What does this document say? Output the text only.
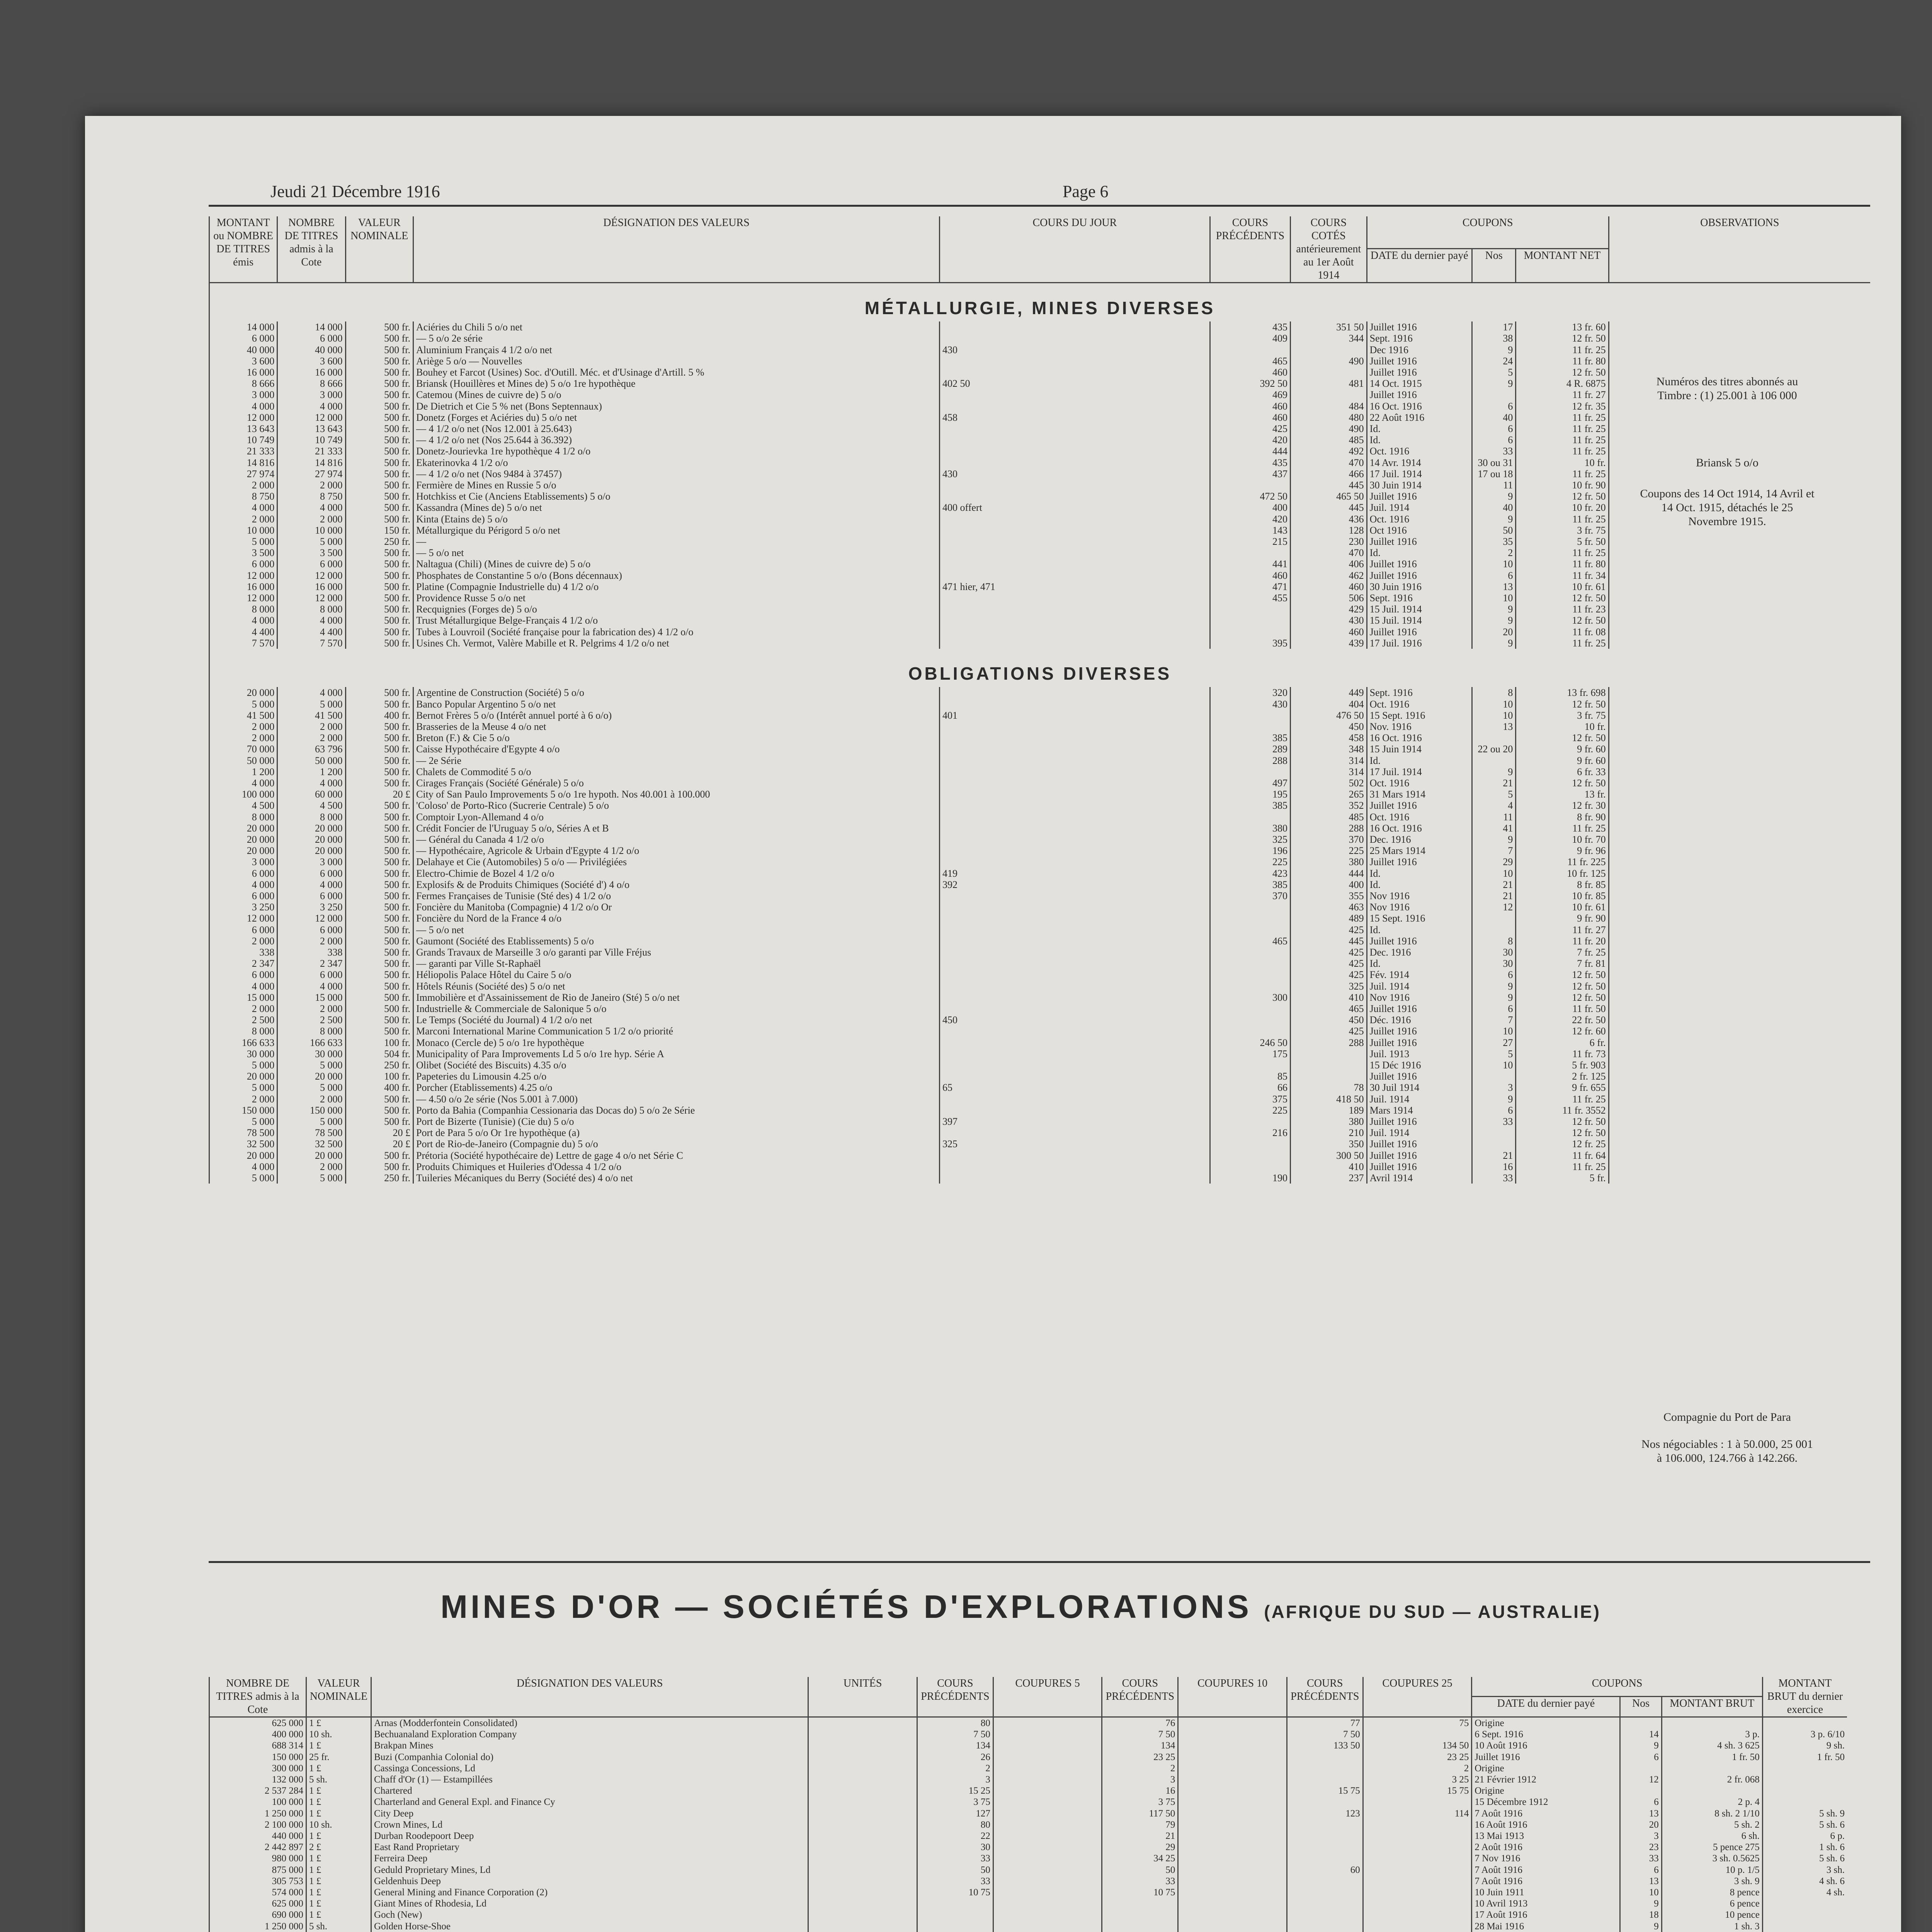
Jeudi 21 Décembre 1916	Page 6
MONTANT ou NOMBRE DE TITRES émis	NOMBRE DE TITRES admis à la Cote	VALEUR NOMINALE	DÉSIGNATION DES VALEURS	COURS DU JOUR	COURS PRÉCÉDENTS	COURS COTÉS antérieurement au 1er Août 1914	COUPONS			OBSERVATIONS
							DATE du dernier payé	Nos	MONTANT NET	
MÉTALLURGIE, MINES DIVERSES										
14 000	14 000	500 fr.	Aciéries du Chili 5 o/o net		435	351 50	Juillet 1916	17	13 fr. 60	
6 000	6 000	500 fr.	— 5 o/o 2e série		409	344	Sept. 1916	38	12 fr. 50	
40 000	40 000	500 fr.	Aluminium Français 4 1/2 o/o net	430			Dec 1916	9	11 fr. 25	
3 600	3 600	500 fr.	Ariège 5 o/o — Nouvelles		465	490	Juillet 1916	24	11 fr. 80	
16 000	16 000	500 fr.	Bouhey et Farcot (Usines) Soc. d'Outill. Méc. et d'Usinage d'Artill. 5 %		460		Juillet 1916	5	12 fr. 50	
8 666	8 666	500 fr.	Briansk (Houillères et Mines de) 5 o/o 1re hypothèque	402 50	392 50	481	14 Oct. 1915	9	4 R. 6875	
3 000	3 000	500 fr.	Catemou (Mines de cuivre de) 5 o/o		469		Juillet 1916		11 fr. 27	
4 000	4 000	500 fr.	De Dietrich et Cie 5 % net (Bons Septennaux)		460	484	16 Oct. 1916	6	12 fr. 35	
12 000	12 000	500 fr.	Donetz (Forges et Aciéries du) 5 o/o net	458	460	480	22 Août 1916	40	11 fr. 25	
13 643	13 643	500 fr.	— 4 1/2 o/o net (Nos 12.001 à 25.643)		425	490	Id.	6	11 fr. 25	
10 749	10 749	500 fr.	— 4 1/2 o/o net (Nos 25.644 à 36.392)		420	485	Id.	6	11 fr. 25	
21 333	21 333	500 fr.	Donetz-Jourievka 1re hypothèque 4 1/2 o/o		444	492	Oct. 1916	33	11 fr. 25	
14 816	14 816	500 fr.	Ekaterinovka 4 1/2 o/o		435	470	14 Avr. 1914	30 ou 31	10 fr.	
27 974	27 974	500 fr.	— 4 1/2 o/o net (Nos 9484 à 37457)	430	437	466	17 Juil. 1914	17 ou 18	11 fr. 25	
2 000	2 000	500 fr.	Fermière de Mines en Russie 5 o/o			445	30 Juin 1914	11	10 fr. 90	
8 750	8 750	500 fr.	Hotchkiss et Cie (Anciens Etablissements) 5 o/o		472 50	465 50	Juillet 1916	9	12 fr. 50	
4 000	4 000	500 fr.	Kassandra (Mines de) 5 o/o net	400 offert	400	445	Juil. 1914	40	10 fr. 20	
2 000	2 000	500 fr.	Kinta (Etains de) 5 o/o		420	436	Oct. 1916	9	11 fr. 25	
10 000	10 000	150 fr.	Métallurgique du Périgord 5 o/o net		143	128	Oct 1916	50	3 fr. 75	
5 000	5 000	250 fr.	—		215	230	Juillet 1916	35	5 fr. 50	
3 500	3 500	500 fr.	— 5 o/o net			470	Id.	2	11 fr. 25	
6 000	6 000	500 fr.	Naltagua (Chili) (Mines de cuivre de) 5 o/o		441	406	Juillet 1916	10	11 fr. 80	
12 000	12 000	500 fr.	Phosphates de Constantine 5 o/o (Bons décennaux)		460	462	Juillet 1916	6	11 fr. 34	
16 000	16 000	500 fr.	Platine (Compagnie Industrielle du) 4 1/2 o/o	471 hier, 471	471	460	30 Juin 1916	13	10 fr. 61	
12 000	12 000	500 fr.	Providence Russe 5 o/o net		455	506	Sept. 1916	10	12 fr. 50	
8 000	8 000	500 fr.	Recquignies (Forges de) 5 o/o			429	15 Juil. 1914	9	11 fr. 23	
4 000	4 000	500 fr.	Trust Métallurgique Belge-Français 4 1/2 o/o			430	15 Juil. 1914	9	12 fr. 50	
4 400	4 400	500 fr.	Tubes à Louvroil (Société française pour la fabrication des) 4 1/2 o/o			460	Juillet 1916	20	11 fr. 08	
7 570	7 570	500 fr.	Usines Ch. Vermot, Valère Mabille et R. Pelgrims 4 1/2 o/o net		395	439	17 Juil. 1916	9	11 fr. 25	
OBLIGATIONS DIVERSES										
20 000	4 000	500 fr.	Argentine de Construction (Société) 5 o/o		320	449	Sept. 1916	8	13 fr. 698	
5 000	5 000	500 fr.	Banco Popular Argentino 5 o/o net		430	404	Oct. 1916	10	12 fr. 50	
41 500	41 500	400 fr.	Bernot Frères 5 o/o (Intérêt annuel porté à 6 o/o)	401		476 50	15 Sept. 1916	10	3 fr. 75	
2 000	2 000	500 fr.	Brasseries de la Meuse 4 o/o net			450	Nov. 1916	13	10 fr.	
2 000	2 000	500 fr.	Breton (F.) & Cie 5 o/o		385	458	16 Oct. 1916		12 fr. 50	
70 000	63 796	500 fr.	Caisse Hypothécaire d'Egypte 4 o/o		289	348	15 Juin 1914	22 ou 20	9 fr. 60	
50 000	50 000	500 fr.	— 2e Série		288	314	Id.		9 fr. 60	
1 200	1 200	500 fr.	Chalets de Commodité 5 o/o			314	17 Juil. 1914	9	6 fr. 33	
4 000	4 000	500 fr.	Cirages Français (Société Générale) 5 o/o		497	502	Oct. 1916	21	12 fr. 50	
100 000	60 000	20 £	City of San Paulo Improvements 5 o/o 1re hypoth. Nos 40.001 à 100.000		195	265	31 Mars 1914	5	13 fr.	
4 500	4 500	500 fr.	'Coloso' de Porto-Rico (Sucrerie Centrale) 5 o/o		385	352	Juillet 1916	4	12 fr. 30	
8 000	8 000	500 fr.	Comptoir Lyon-Allemand 4 o/o			485	Oct. 1916	11	8 fr. 90	
20 000	20 000	500 fr.	Crédit Foncier de l'Uruguay 5 o/o, Séries A et B		380	288	16 Oct. 1916	41	11 fr. 25	
20 000	20 000	500 fr.	— Général du Canada 4 1/2 o/o		325	370	Dec. 1916	9	10 fr. 70	
20 000	20 000	500 fr.	— Hypothécaire, Agricole & Urbain d'Egypte 4 1/2 o/o		196	225	25 Mars 1914	7	9 fr. 96	
3 000	3 000	500 fr.	Delahaye et Cie (Automobiles) 5 o/o — Privilégiées		225	380	Juillet 1916	29	11 fr. 225	
6 000	6 000	500 fr.	Electro-Chimie de Bozel 4 1/2 o/o	419	423	444	Id.	10	10 fr. 125	
4 000	4 000	500 fr.	Explosifs & de Produits Chimiques (Société d') 4 o/o	392	385	400	Id.	21	8 fr. 85	
6 000	6 000	500 fr.	Fermes Françaises de Tunisie (Sté des) 4 1/2 o/o		370	355	Nov 1916	21	10 fr. 85	
3 250	3 250	500 fr.	Foncière du Manitoba (Compagnie) 4 1/2 o/o Or			463	Nov 1916	12	10 fr. 61	
12 000	12 000	500 fr.	Foncière du Nord de la France 4 o/o			489	15 Sept. 1916		9 fr. 90	
6 000	6 000	500 fr.	— 5 o/o net			425	Id.		11 fr. 27	
2 000	2 000	500 fr.	Gaumont (Société des Etablissements) 5 o/o		465	445	Juillet 1916	8	11 fr. 20	
338	338	500 fr.	Grands Travaux de Marseille 3 o/o garanti par Ville Fréjus			425	Dec. 1916	30	7 fr. 25	
2 347	2 347	500 fr.	— garanti par Ville St-Raphaël			425	Id.	30	7 fr. 81	
6 000	6 000	500 fr.	Héliopolis Palace Hôtel du Caire 5 o/o			425	Fév. 1914	6	12 fr. 50	
4 000	4 000	500 fr.	Hôtels Réunis (Société des) 5 o/o net			325	Juil. 1914	9	12 fr. 50	
15 000	15 000	500 fr.	Immobilière et d'Assainissement de Rio de Janeiro (Sté) 5 o/o net		300	410	Nov 1916	9	12 fr. 50	
2 000	2 000	500 fr.	Industrielle & Commerciale de Salonique 5 o/o			465	Juillet 1916	6	11 fr. 50	
2 500	2 500	500 fr.	Le Temps (Société du Journal) 4 1/2 o/o net	450		450	Déc. 1916	7	22 fr. 50	
8 000	8 000	500 fr.	Marconi International Marine Communication 5 1/2 o/o priorité			425	Juillet 1916	10	12 fr. 60	
166 633	166 633	100 fr.	Monaco (Cercle de) 5 o/o 1re hypothèque		246 50	288	Juillet 1916	27	6 fr.	
30 000	30 000	504 fr.	Municipality of Para Improvements Ld 5 o/o 1re hyp. Série A		175		Juil. 1913	5	11 fr. 73	
5 000	5 000	250 fr.	Olibet (Société des Biscuits) 4.35 o/o				15 Déc 1916	10	5 fr. 903	
20 000	20 000	100 fr.	Papeteries du Limousin 4.25 o/o		85		Juillet 1916		2 fr. 125	
5 000	5 000	400 fr.	Porcher (Etablissements) 4.25 o/o	65	66	78	30 Juil 1914	3	9 fr. 655	
2 000	2 000	500 fr.	— 4.50 o/o 2e série (Nos 5.001 à 7.000)		375	418 50	Juil. 1914	9	11 fr. 25	
150 000	150 000	500 fr.	Porto da Bahia (Companhia Cessionaria das Docas do) 5 o/o 2e Série		225	189	Mars 1914	6	11 fr. 3552	
5 000	5 000	500 fr.	Port de Bizerte (Tunisie) (Cie du) 5 o/o	397		380	Juillet 1916	33	12 fr. 50	
78 500	78 500	20 £	Port de Para 5 o/o Or 1re hypothèque (a)		216	210	Juil. 1914		12 fr. 50	
32 500	32 500	20 £	Port de Rio-de-Janeiro (Compagnie du) 5 o/o	325		350	Juillet 1916		12 fr. 25	
20 000	20 000	500 fr.	Prétoria (Société hypothécaire de) Lettre de gage 4 o/o net Série C			300 50	Juillet 1916	21	11 fr. 64	
4 000	2 000	500 fr.	Produits Chimiques et Huileries d'Odessa 4 1/2 o/o			410	Juillet 1916	16	11 fr. 25	
5 000	5 000	250 fr.	Tuileries Mécaniques du Berry (Société des) 4 o/o net		190	237	Avril 1914	33	5 fr.	
Numéros des titres abonnés au Timbre : (1) 25.001 à 106 000
Briansk 5 o/o
Coupons des 14 Oct 1914, 14 Avril et 14 Oct. 1915, détachés le 25 Novembre 1915.
Compagnie du Port de Para
Nos négociables : 1 à 50.000, 25 001 à 106.000, 124.766 à 142.266.
MINES D'OR — SOCIÉTÉS D'EXPLORATIONS (AFRIQUE DU SUD — AUSTRALIE)
NOMBRE DE TITRES admis à la Cote	VALEUR NOMINALE	DÉSIGNATION DES VALEURS	UNITÉS	COURS PRÉCÉDENTS	COUPURES 5	COURS PRÉCÉDENTS	COUPURES 10	COURS PRÉCÉDENTS	COUPURES 25	COUPONS			MONTANT BRUT du dernier exercice
										DATE du dernier payé	Nos	MONTANT BRUT	
625 000	1 £	Arnas (Modderfontein Consolidated)		80		76		77	75	Origine			
400 000	10 sh.	Bechuanaland Exploration Company		7 50		7 50		7 50		6 Sept. 1916	14	3 p.	3 p. 6/10
688 314	1 £	Brakpan Mines		134		134		133 50	134 50	10 Août 1916	9	4 sh. 3 625	9 sh.
150 000	25 fr.	Buzi (Companhia Colonial do)		26		23 25			23 25	Juillet 1916	6	1 fr. 50	1 fr. 50
300 000	1 £	Cassinga Concessions, Ld		2		2			2	Origine			
132 000	5 sh.	Chaff d'Or (1) — Estampillées		3		3			3 25	21 Février 1912	12	2 fr. 068	
2 537 284	1 £	Chartered		15 25		16		15 75	15 75	Origine			
100 000	1 £	Charterland and General Expl. and Finance Cy		3 75		3 75				15 Décembre 1912	6	2 p. 4	
1 250 000	1 £	City Deep		127		117 50		123	114	7 Août 1916	13	8 sh. 2 1/10	5 sh. 9
2 100 000	10 sh.	Crown Mines, Ld		80		79				16 Août 1916	20	5 sh. 2	5 sh. 6
440 000	1 £	Durban Roodepoort Deep		22		21				13 Mai 1913	3	6 sh.	6 p.
2 442 897	2 £	East Rand Proprietary		30		29				2 Août 1916	23	5 pence 275	1 sh. 6
980 000	1 £	Ferreira Deep		33		34 25				7 Nov 1916	33	3 sh. 0.5625	5 sh. 6
875 000	1 £	Geduld Proprietary Mines, Ld		50		50		60		7 Août 1916	6	10 p. 1/5	3 sh.
305 753	1 £	Geldenhuis Deep		33		33				7 Août 1916	13	3 sh. 9	4 sh. 6
574 000	1 £	General Mining and Finance Corporation (2)		10 75		10 75				10 Juin 1911	10	8 pence	4 sh.
625 000	1 £	Giant Mines of Rhodesia, Ld								10 Avril 1913	9	6 pence	
690 000	1 £	Goch (New)								17 Août 1916	18	10 pence	
1 250 000	5 sh.	Golden Horse-Shoe								28 Mai 1916	9	1 sh. 3	
